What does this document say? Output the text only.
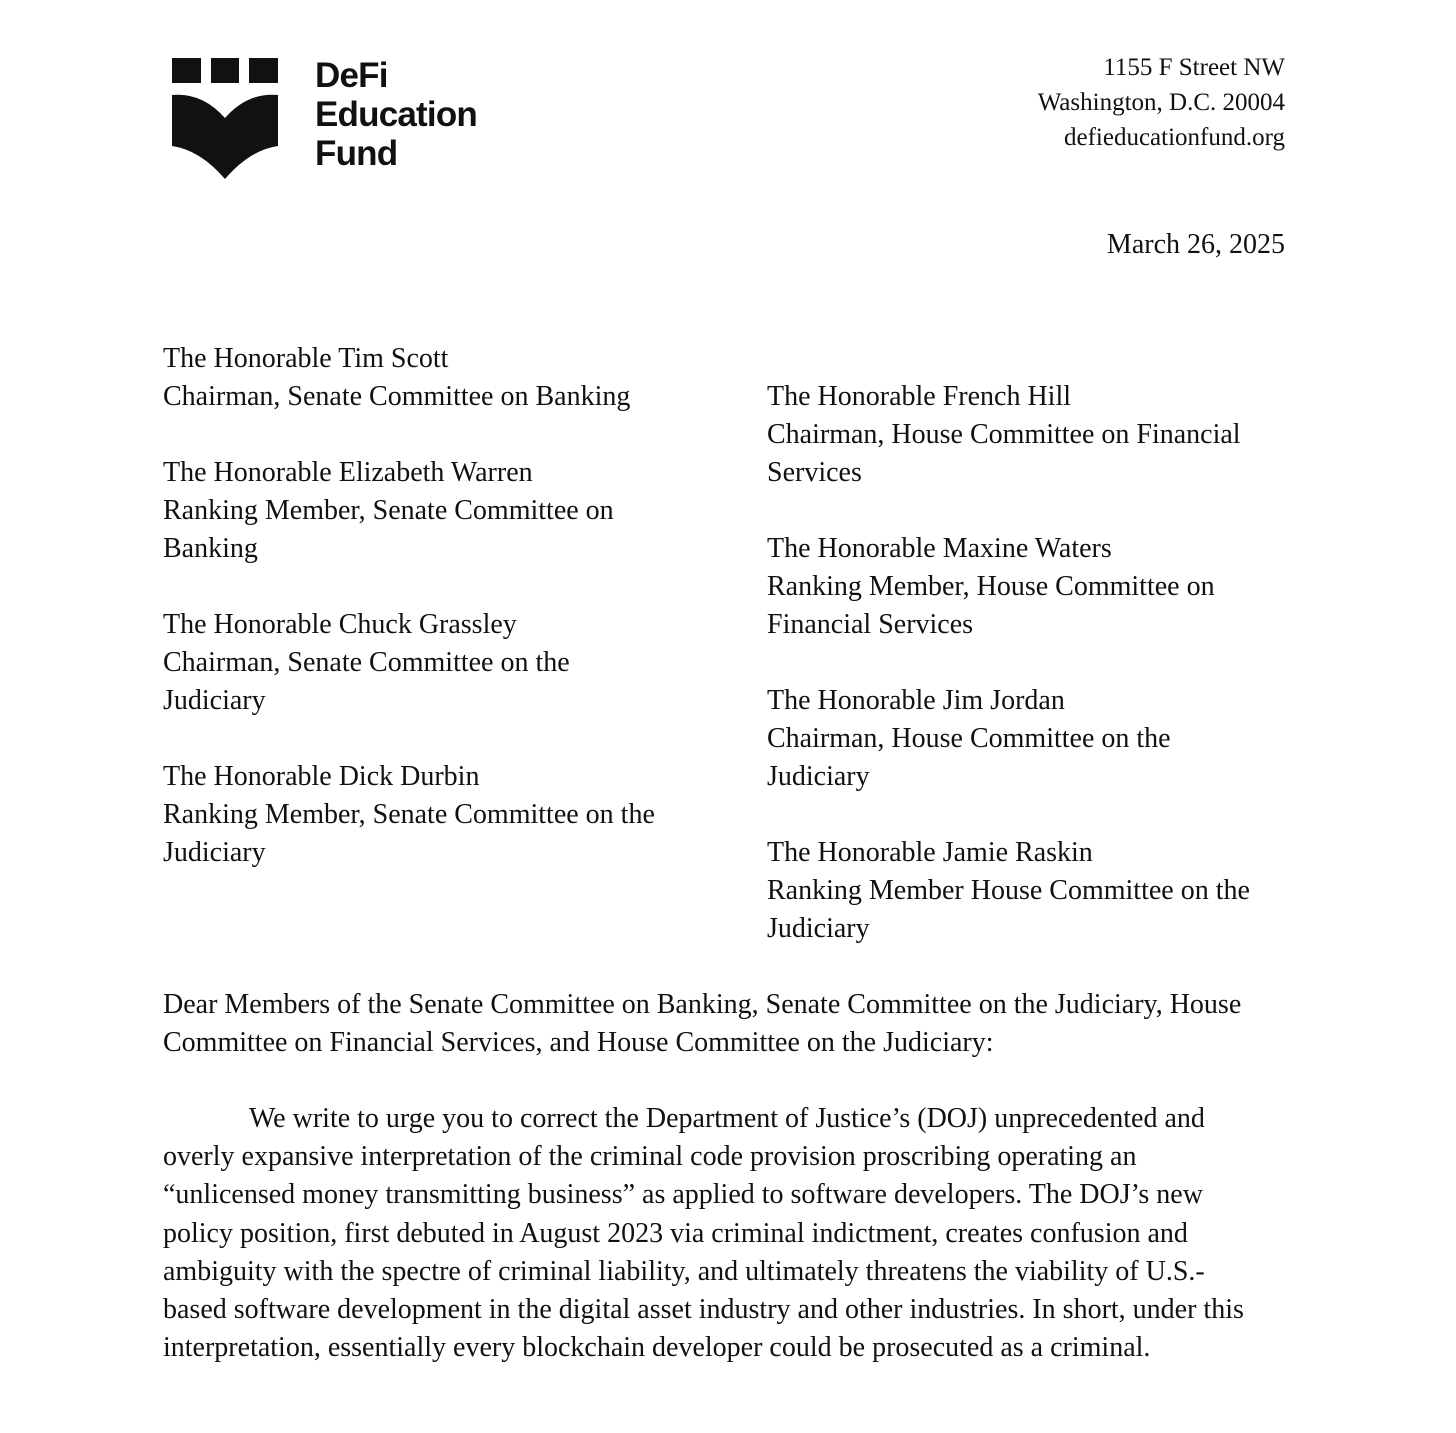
DeFi
Education
Fund
1155 F Street NW
Washington, D.C. 20004
defieducationfund.org
March 26, 2025
The Honorable Tim Scott
Chairman, Senate Committee on Banking
The Honorable Elizabeth Warren
Ranking Member, Senate Committee on
Banking
The Honorable Chuck Grassley
Chairman, Senate Committee on the
Judiciary
The Honorable Dick Durbin
Ranking Member, Senate Committee on the
Judiciary
The Honorable French Hill
Chairman, House Committee on Financial
Services
The Honorable Maxine Waters
Ranking Member, House Committee on
Financial Services
The Honorable Jim Jordan
Chairman, House Committee on the
Judiciary
The Honorable Jamie Raskin
Ranking Member House Committee on the
Judiciary

Dear Members of the Senate Committee on Banking, Senate Committee on the Judiciary, House Committee on Financial Services, and House Committee on the Judiciary:

We write to urge you to correct the Department of Justice’s (DOJ) unprecedented and overly expansive interpretation of the criminal code provision proscribing operating an “unlicensed money transmitting business” as applied to software developers. The DOJ’s new policy position, first debuted in August 2023 via criminal indictment, creates confusion and ambiguity with the spectre of criminal liability, and ultimately threatens the viability of U.S.-based software development in the digital asset industry and other industries. In short, under this interpretation, essentially every blockchain developer could be prosecuted as a criminal.
